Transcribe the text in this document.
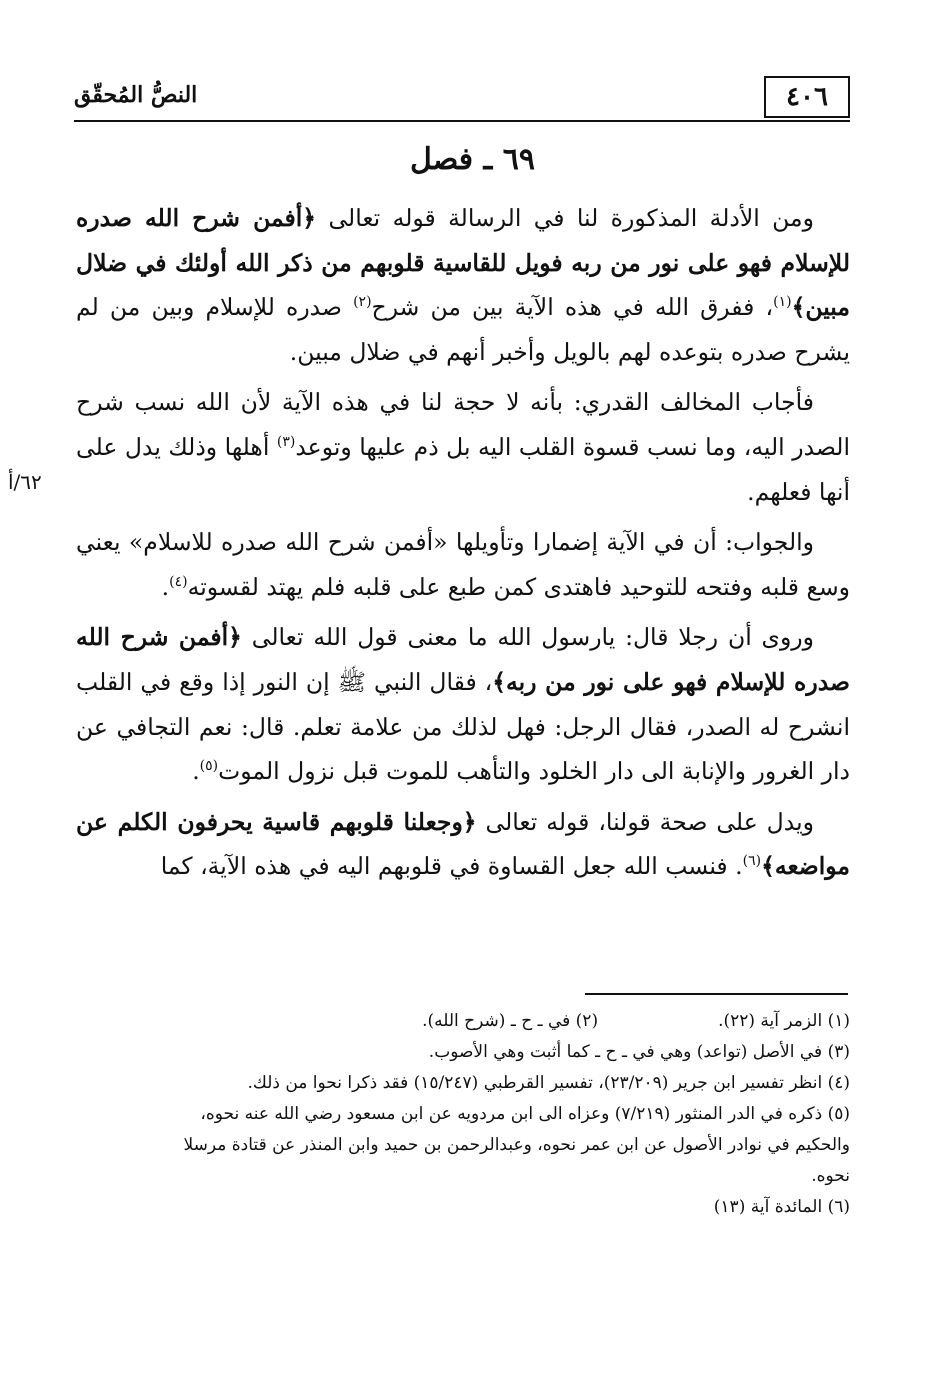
٤٠٦
النصُّ المُحقّق
٦٩ ـ فصل
٦٢/أ

ومن الأدلة المذكورة لنا في الرسالة قوله تعالى ﴿أفمن شرح الله صدره للإسلام فهو على نور من ربه فويل للقاسية قلوبهم من ذكر الله أولئك في ضلال مبين﴾$^{(١)}$، ففرق الله في هذه الآية بين من شرح$^{(٢)}$ صدره للإسلام وبين من لم يشرح صدره بتوعده لهم بالويل وأخبر أنهم في ضلال مبين.

فأجاب المخالف القدري: بأنه لا حجة لنا في هذه الآية لأن الله نسب شرح الصدر اليه، وما نسب قسوة القلب اليه بل ذم عليها وتوعد$^{(٣)}$ أهلها وذلك يدل على أنها فعلهم.

والجواب: أن في الآية إضمارا وتأويلها «أفمن شرح الله صدره للاسلام» يعني وسع قلبه وفتحه للتوحيد فاهتدى كمن طبع على قلبه فلم يهتد لقسوته$^{(٤)}$.

وروى أن رجلا قال: يارسول الله ما معنى قول الله تعالى ﴿أفمن شرح الله صدره للإسلام فهو على نور من ربه﴾، فقال النبي ﷺ إن النور إذا وقع في القلب انشرح له الصدر، فقال الرجل: فهل لذلك من علامة تعلم. قال: نعم التجافي عن دار الغرور والإنابة الى دار الخلود والتأهب للموت قبل نزول الموت$^{(٥)}$.

ويدل على صحة قولنا، قوله تعالى ﴿وجعلنا قلوبهم قاسية يحرفون الكلم عن مواضعه﴾$^{(٦)}$. فنسب الله جعل القساوة في قلوبهم اليه في هذه الآية، كما

(١) الزمر آية (٢٢).
(٢) في ـ ح ـ (شرح الله).
(٣) في الأصل (تواعد) وهي في ـ ح ـ كما أثبت وهي الأصوب.
(٤) انظر تفسير ابن جرير (٢٣/٢٠٩)، تفسير القرطبي (١٥/٢٤٧) فقد ذكرا نحوا من ذلك.
(٥) ذكره في الدر المنثور (٧/٢١٩) وعزاه الى ابن مردويه عن ابن مسعود رضي الله عنه نحوه،
والحكيم في نوادر الأصول عن ابن عمر نحوه، وعبدالرحمن بن حميد وابن المنذر عن قتادة مرسلا
نحوه.
(٦) المائدة آية (١٣)
